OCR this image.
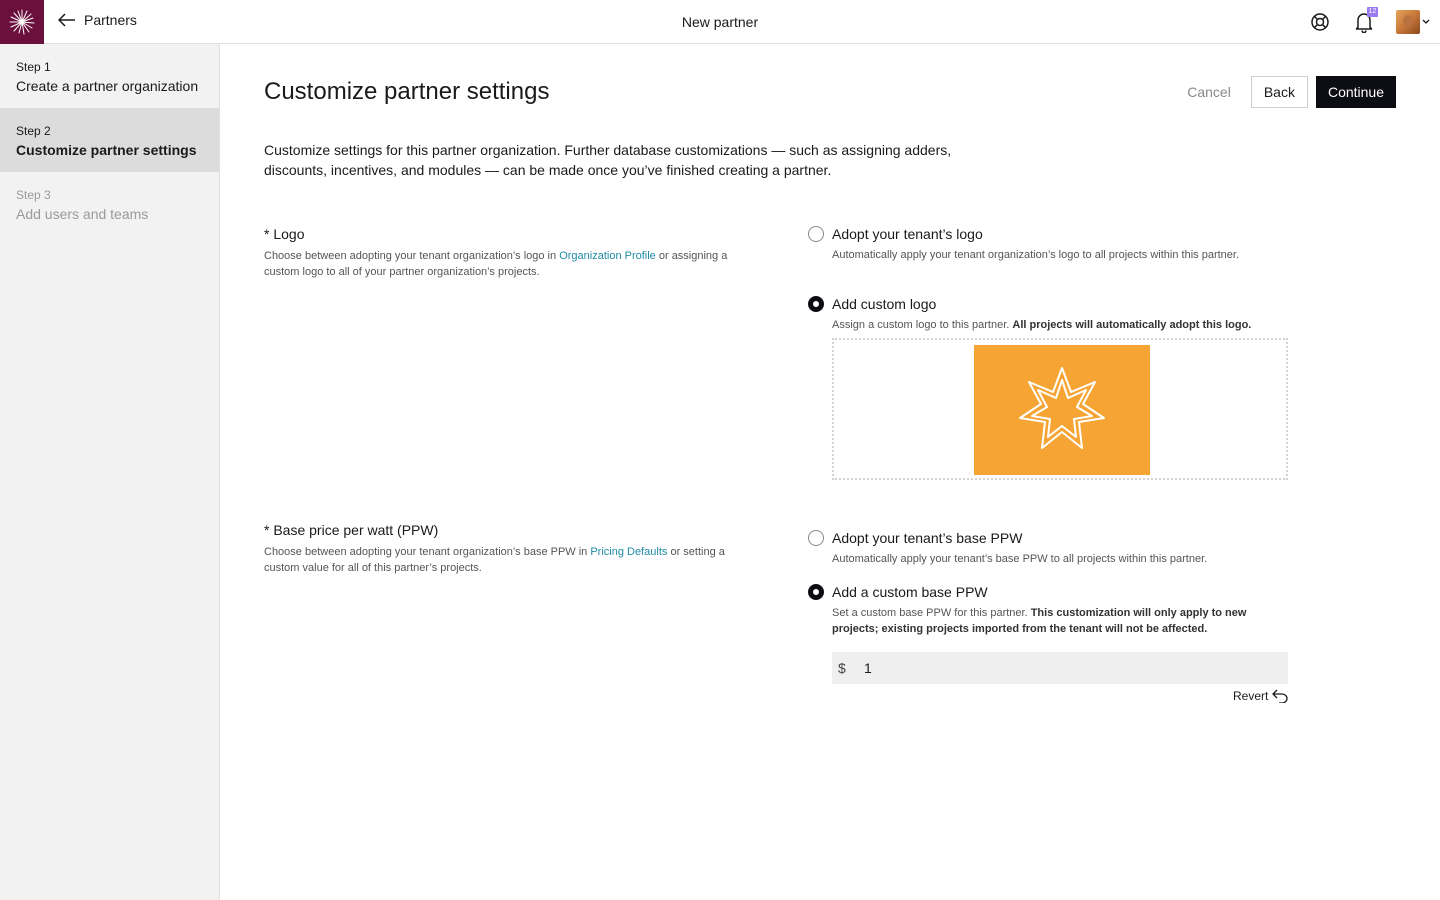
Partners	New partner
12
Step 1
Create a partner organization
Step 2
Customize partner settings
Step 3
Add users and teams
Customize partner settings	Cancel	Back	Continue

Customize settings for this partner organization. Further database customizations — such as assigning adders, discounts, incentives, and modules — can be made once you’ve finished creating a partner.

* Logo
Choose between adopting your tenant organization’s logo in Organization Profile or assigning a custom logo to all of your partner organization’s projects.
Adopt your tenant’s logo
Automatically apply your tenant organization’s logo to all projects within this partner.
Add custom logo
Assign a custom logo to this partner. All projects will automatically adopt this logo.
* Base price per watt (PPW)
Choose between adopting your tenant organization’s base PPW in Pricing Defaults or setting a custom value for all of this partner’s projects.
Adopt your tenant’s base PPW
Automatically apply your tenant’s base PPW to all projects within this partner.
Add a custom base PPW
Set a custom base PPW for this partner. This customization will only apply to new projects; existing projects imported from the tenant will not be affected.
$
1
Revert
